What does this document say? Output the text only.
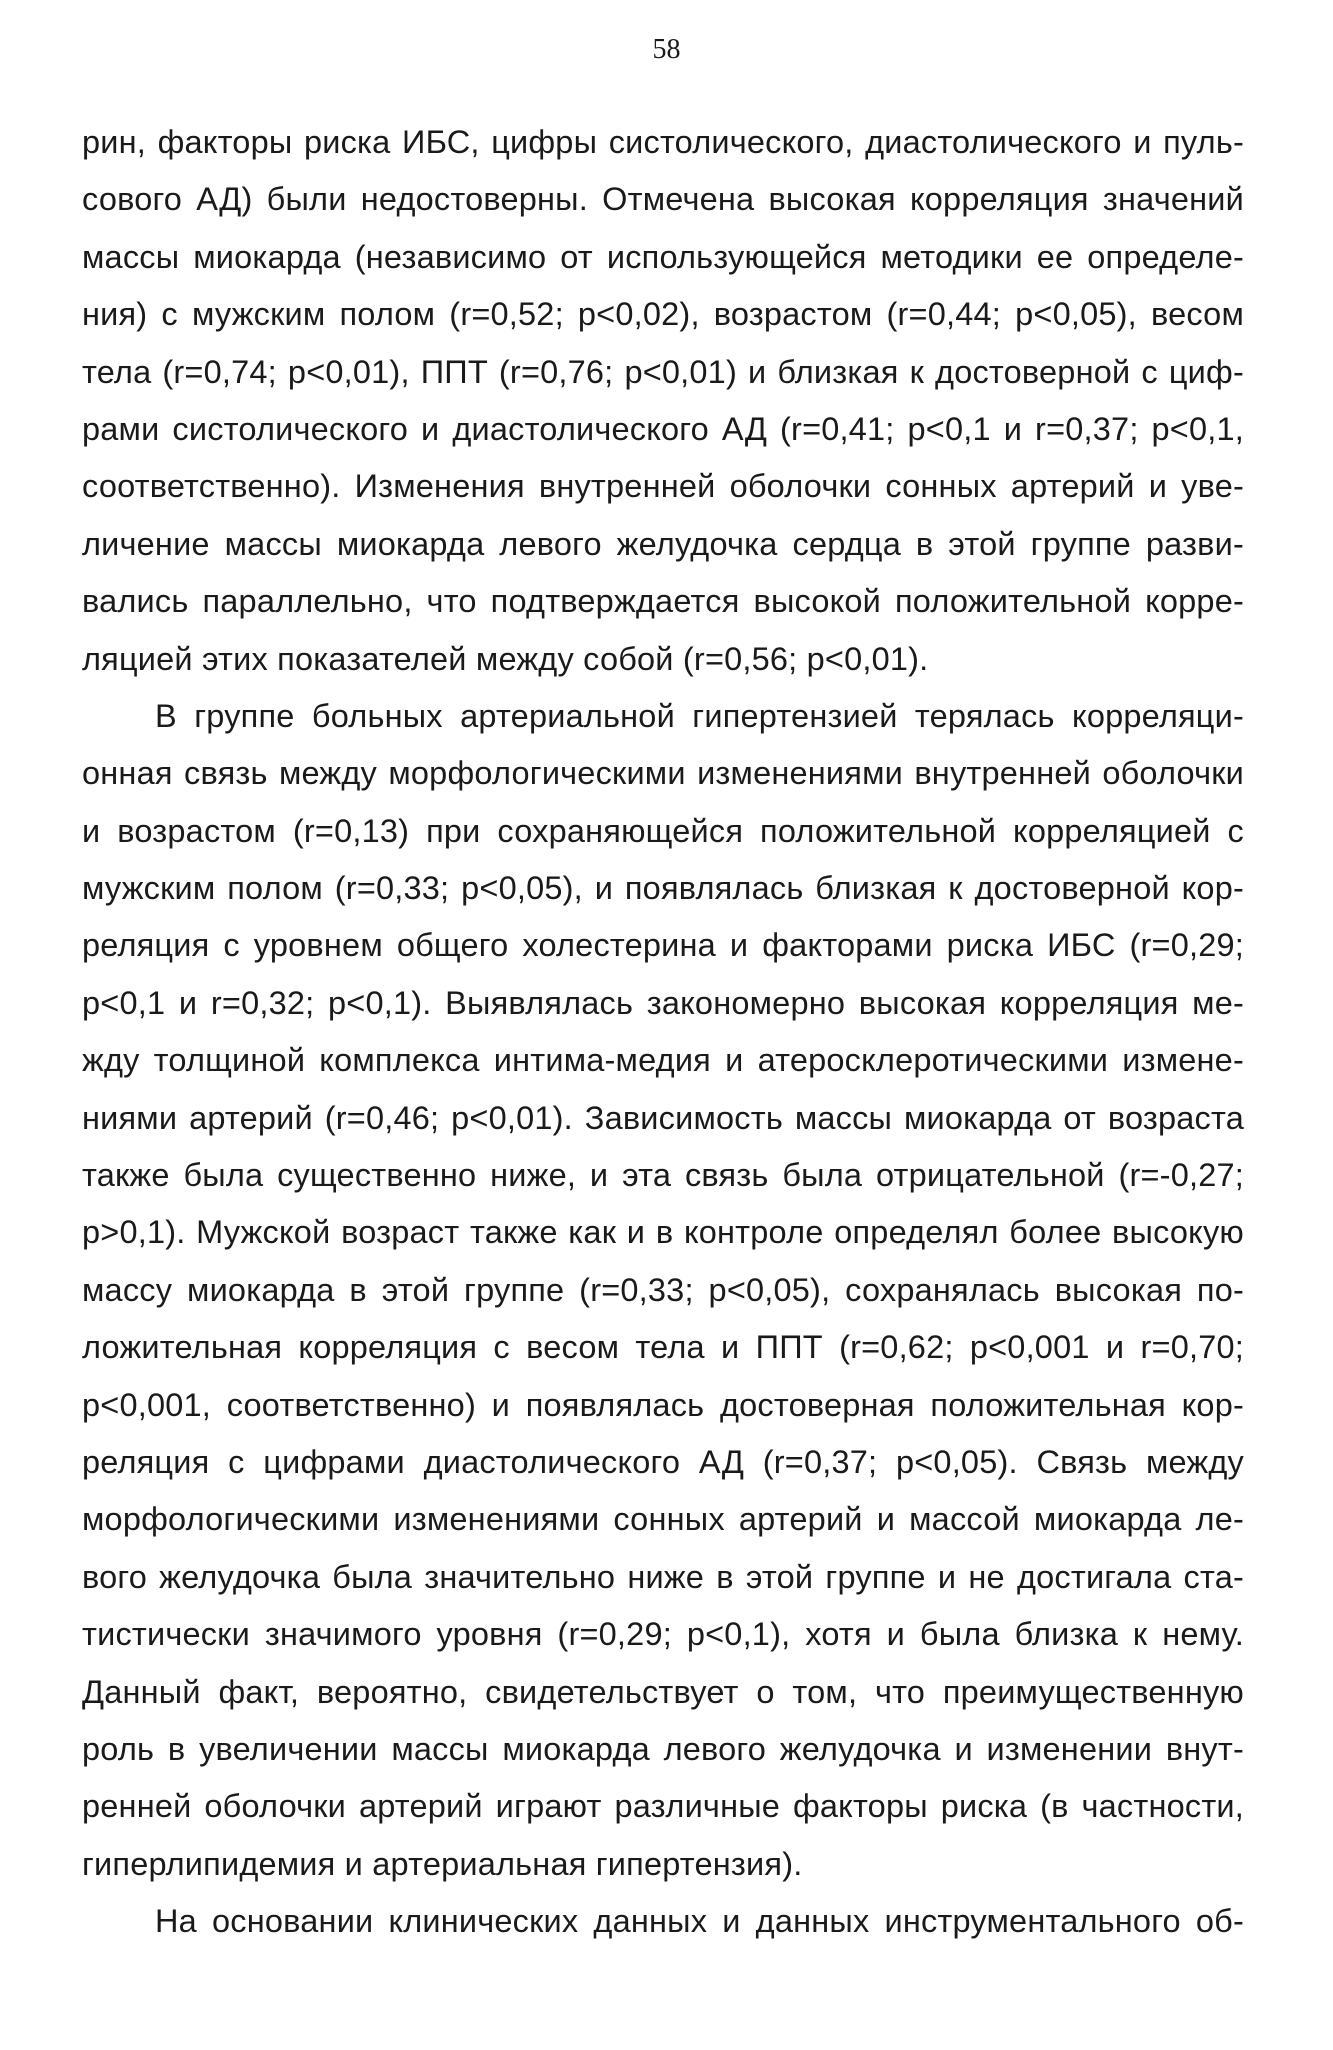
58
рин, факторы риска ИБС, цифры систолического, диастолического и пуль-
сового АД) были недостоверны. Отмечена высокая корреляция значений
массы миокарда (независимо от использующейся методики ее определе-
ния) с мужским полом (r=0,52; p<0,02), возрастом (r=0,44; p<0,05), весом
тела (r=0,74; p<0,01), ППТ (r=0,76; p<0,01) и близкая к достоверной с циф-
рами систолического и диастолического АД (r=0,41; p<0,1 и r=0,37; p<0,1,
соответственно). Изменения внутренней оболочки сонных артерий и уве-
личение массы миокарда левого желудочка сердца в этой группе разви-
вались параллельно, что подтверждается высокой положительной корре-
ляцией этих показателей между собой (r=0,56; p<0,01).
В группе больных артериальной гипертензией терялась корреляци-
онная связь между морфологическими изменениями внутренней оболочки
и возрастом (r=0,13) при сохраняющейся положительной корреляцией с
мужским полом (r=0,33; p<0,05), и появлялась близкая к достоверной кор-
реляция с уровнем общего холестерина и факторами риска ИБС (r=0,29;
p<0,1 и r=0,32; p<0,1). Выявлялась закономерно высокая корреляция ме-
жду толщиной комплекса интима-медия и атеросклеротическими измене-
ниями артерий (r=0,46; p<0,01). Зависимость массы миокарда от возраста
также была существенно ниже, и эта связь была отрицательной (r=-0,27;
p>0,1). Мужской возраст также как и в контроле определял более высокую
массу миокарда в этой группе (r=0,33; p<0,05), сохранялась высокая по-
ложительная корреляция с весом тела и ППТ (r=0,62; p<0,001 и r=0,70;
p<0,001, соответственно) и появлялась достоверная положительная кор-
реляция с цифрами диастолического АД (r=0,37; p<0,05). Связь между
морфологическими изменениями сонных артерий и массой миокарда ле-
вого желудочка была значительно ниже в этой группе и не достигала ста-
тистически значимого уровня (r=0,29; p<0,1), хотя и была близка к нему.
Данный факт, вероятно, свидетельствует о том, что преимущественную
роль в увеличении массы миокарда левого желудочка и изменении внут-
ренней оболочки артерий играют различные факторы риска (в частности,
гиперлипидемия и артериальная гипертензия).
На основании клинических данных и данных инструментального об-
